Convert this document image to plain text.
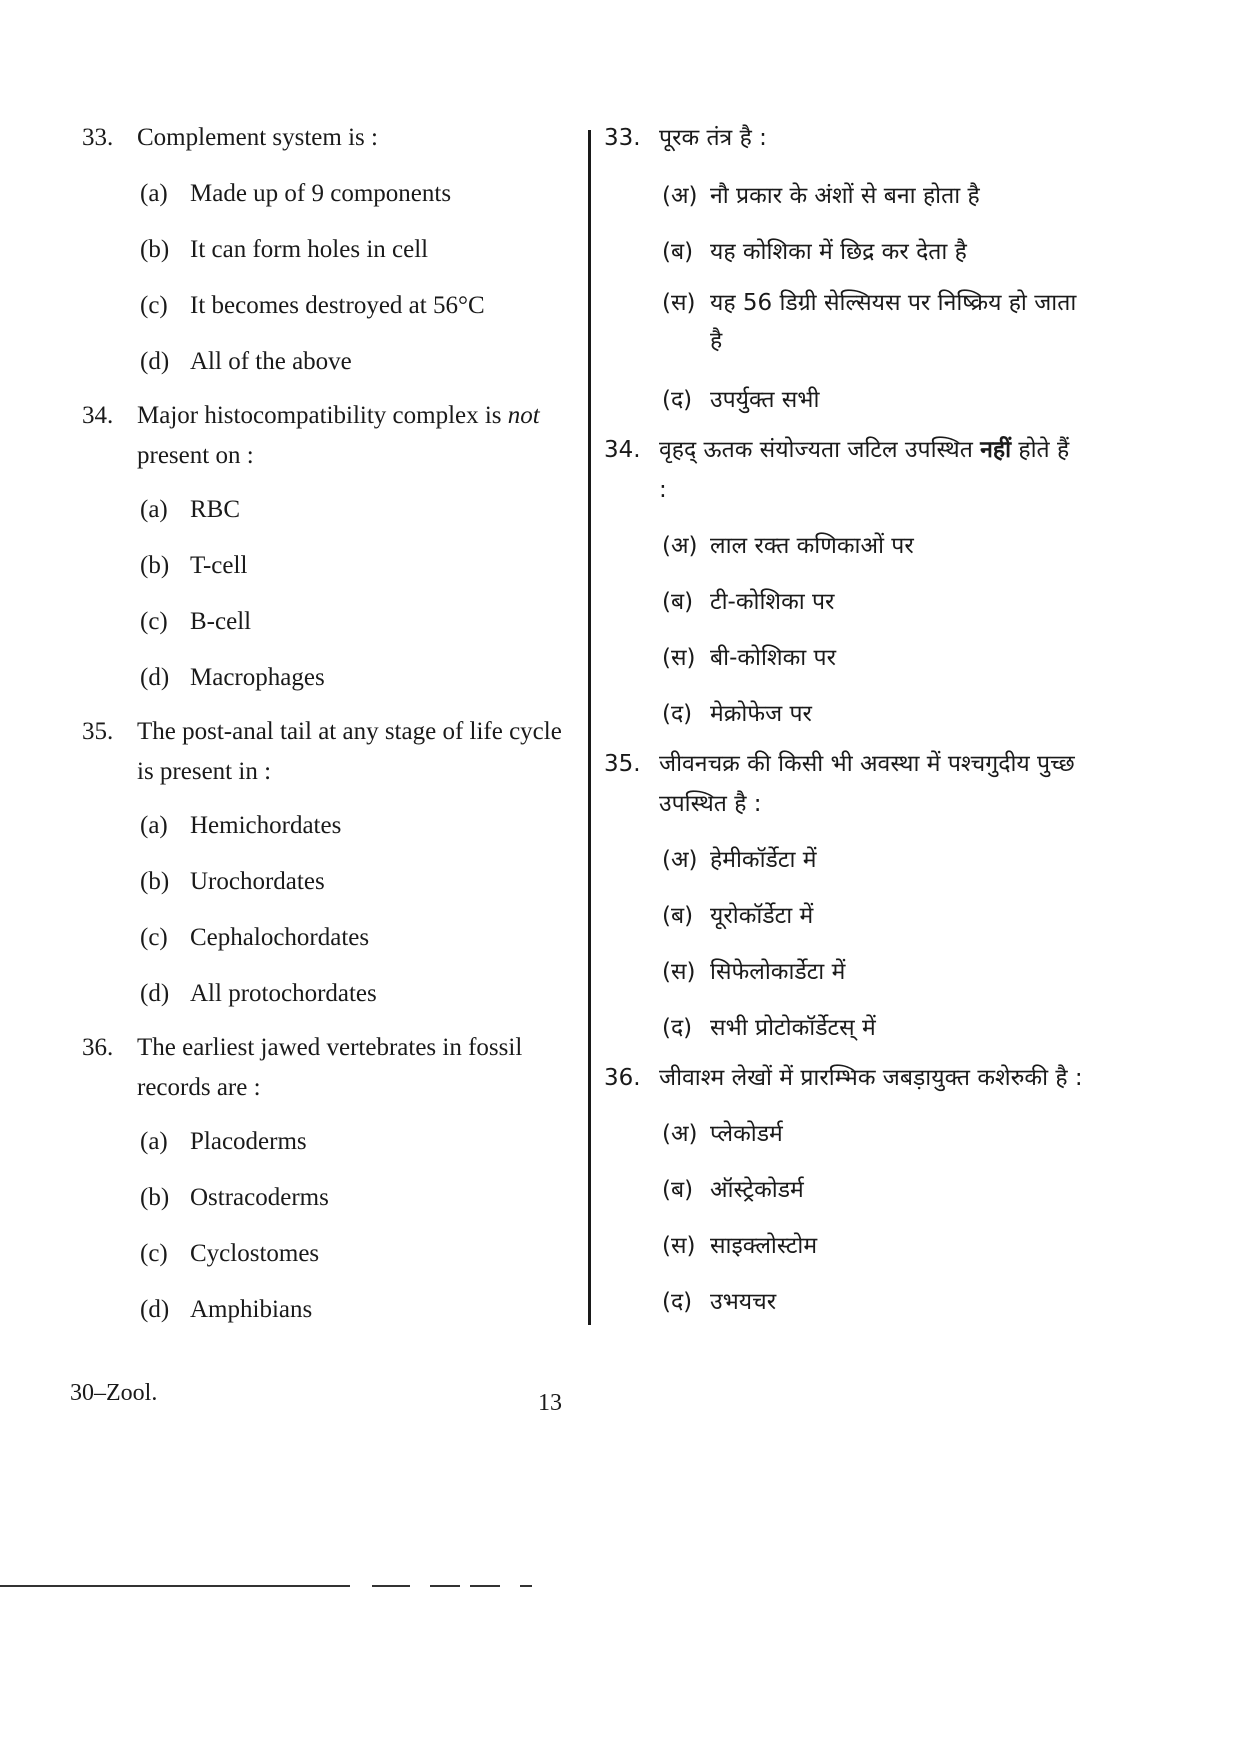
33. Complement system is :
(a) Made up of 9 components
(b) It can form holes in cell
(c) It becomes destroyed at 56°C
(d) All of the above
34. Major histocompatibility complex is not present on :
(a) RBC
(b) T-cell
(c) B-cell
(d) Macrophages
35. The post-anal tail at any stage of life cycle is present in :
(a) Hemichordates
(b) Urochordates
(c) Cephalochordates
(d) All protochordates
36. The earliest jawed vertebrates in fossil records are :
(a) Placoderms
(b) Ostracoderms
(c) Cyclostomes
(d) Amphibians
33. पूरक तंत्र है :
(अ) नौ प्रकार के अंशों से बना होता है
(ब) यह कोशिका में छिद्र कर देता है
(स) यह 56 डिग्री सेल्सियस पर निष्क्रिय हो जाता है
(द) उपर्युक्त सभी
34. वृहद् ऊतक संयोज्यता जटिल उपस्थित नहीं होते हैं :
(अ) लाल रक्त कणिकाओं पर
(ब) टी-कोशिका पर
(स) बी-कोशिका पर
(द) मेक्रोफेज पर
35. जीवनचक्र की किसी भी अवस्था में पश्चगुदीय पुच्छ उपस्थित है :
(अ) हेमीकॉर्डेटा में
(ब) यूरोकॉर्डेटा में
(स) सिफेलोकार्डेटा में
(द) सभी प्रोटोकॉर्डेटस् में
36. जीवाश्म लेखों में प्रारम्भिक जबड़ायुक्त कशेरुकी है :
(अ) प्लेकोडर्म
(ब) ऑस्ट्रेकोडर्म
(स) साइक्लोस्टोम
(द) उभयचर
30–Zool.	13
